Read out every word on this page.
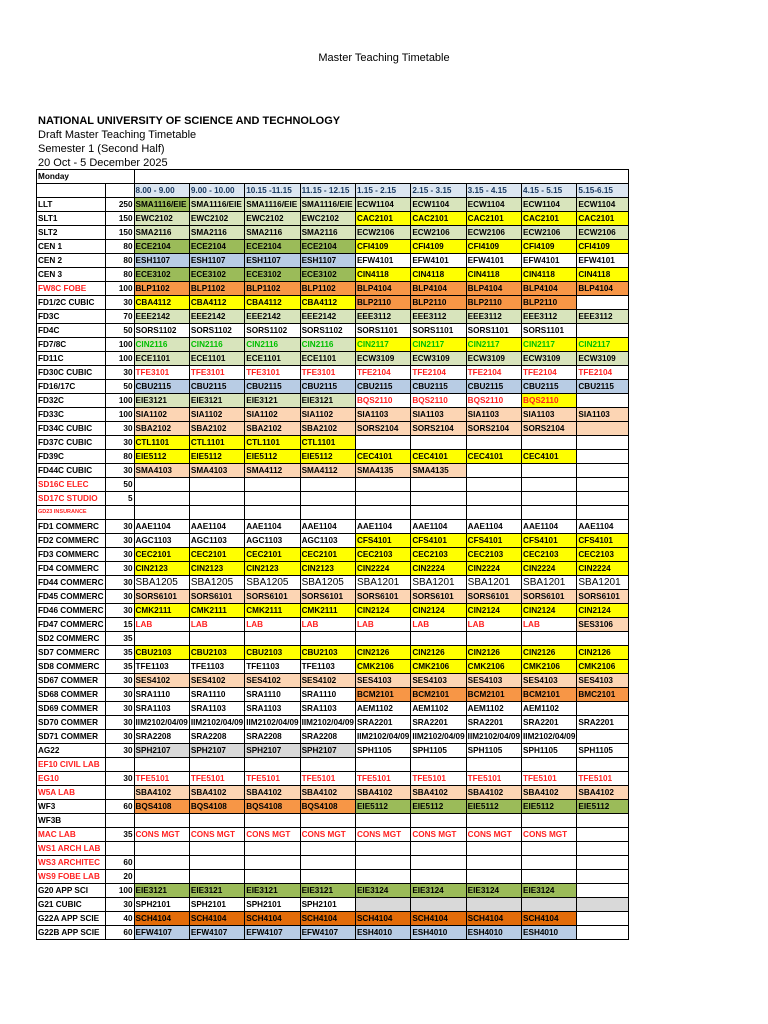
Master Teaching Timetable
NATIONAL UNIVERSITY OF SCIENCE AND TECHNOLOGY
Draft Master Teaching Timetable
Semester 1 (Second Half)
20 Oct - 5 December 2025
Monday										
		8.00 - 9.00	9.00 - 10.00	10.15 -11.15	11.15 - 12.15	1.15 - 2.15	2.15 - 3.15	3.15 - 4.15	4.15 - 5.15	5.15-6.15
LLT	250	SMA1116/EIE	SMA1116/EIE	SMA1116/EIE	SMA1116/EIE	ECW1104	ECW1104	ECW1104	ECW1104	ECW1104
SLT1	150	EWC2102	EWC2102	EWC2102	EWC2102	CAC2101	CAC2101	CAC2101	CAC2101	CAC2101
SLT2	150	SMA2116	SMA2116	SMA2116	SMA2116	ECW2106	ECW2106	ECW2106	ECW2106	ECW2106
CEN 1	80	ECE2104	ECE2104	ECE2104	ECE2104	CFI4109	CFI4109	CFI4109	CFI4109	CFI4109
CEN 2	80	ESH1107	ESH1107	ESH1107	ESH1107	EFW4101	EFW4101	EFW4101	EFW4101	EFW4101
CEN 3	80	ECE3102	ECE3102	ECE3102	ECE3102	CIN4118	CIN4118	CIN4118	CIN4118	CIN4118
FW8C FOBE	100	BLP1102	BLP1102	BLP1102	BLP1102	BLP4104	BLP4104	BLP4104	BLP4104	BLP4104
FD1/2C CUBIC	30	CBA4112	CBA4112	CBA4112	CBA4112	BLP2110	BLP2110	BLP2110	BLP2110	
FD3C	70	EEE2142	EEE2142	EEE2142	EEE2142	EEE3112	EEE3112	EEE3112	EEE3112	EEE3112
FD4C	50	SORS1102	SORS1102	SORS1102	SORS1102	SORS1101	SORS1101	SORS1101	SORS1101	
FD7/8C	100	CIN2116	CIN2116	CIN2116	CIN2116	CIN2117	CIN2117	CIN2117	CIN2117	CIN2117
FD11C	100	ECE1101	ECE1101	ECE1101	ECE1101	ECW3109	ECW3109	ECW3109	ECW3109	ECW3109
FD30C CUBIC	30	TFE3101	TFE3101	TFE3101	TFE3101	TFE2104	TFE2104	TFE2104	TFE2104	TFE2104
FD16/17C	50	CBU2115	CBU2115	CBU2115	CBU2115	CBU2115	CBU2115	CBU2115	CBU2115	CBU2115
FD32C	100	EIE3121	EIE3121	EIE3121	EIE3121	BQS2110	BQS2110	BQS2110	BQS2110	
FD33C	100	SIA1102	SIA1102	SIA1102	SIA1102	SIA1103	SIA1103	SIA1103	SIA1103	SIA1103
FD34C CUBIC	30	SBA2102	SBA2102	SBA2102	SBA2102	SORS2104	SORS2104	SORS2104	SORS2104	
FD37C CUBIC	30	CTL1101	CTL1101	CTL1101	CTL1101					
FD39C	80	EIE5112	EIE5112	EIE5112	EIE5112	CEC4101	CEC4101	CEC4101	CEC4101	
FD44C CUBIC	30	SMA4103	SMA4103	SMA4112	SMA4112	SMA4135	SMA4135			
SD16C ELEC	50									
SD17C STUDIO	5									
GD23 INSURANCE										
FD1 COMMERC	30	AAE1104	AAE1104	AAE1104	AAE1104	AAE1104	AAE1104	AAE1104	AAE1104	AAE1104
FD2 COMMERC	30	AGC1103	AGC1103	AGC1103	AGC1103	CFS4101	CFS4101	CFS4101	CFS4101	CFS4101
FD3 COMMERC	30	CEC2101	CEC2101	CEC2101	CEC2101	CEC2103	CEC2103	CEC2103	CEC2103	CEC2103
FD4 COMMERC	30	CIN2123	CIN2123	CIN2123	CIN2123	CIN2224	CIN2224	CIN2224	CIN2224	CIN2224
FD44 COMMERC	30	SBA1205	SBA1205	SBA1205	SBA1205	SBA1201	SBA1201	SBA1201	SBA1201	SBA1201
FD45 COMMERC	30	SORS6101	SORS6101	SORS6101	SORS6101	SORS6101	SORS6101	SORS6101	SORS6101	SORS6101
FD46 COMMERC	30	CMK2111	CMK2111	CMK2111	CMK2111	CIN2124	CIN2124	CIN2124	CIN2124	CIN2124
FD47 COMMERC	15	LAB	LAB	LAB	LAB	LAB	LAB	LAB	LAB	SES3106
SD2 COMMERC	35									
SD7 COMMERC	35	CBU2103	CBU2103	CBU2103	CBU2103	CIN2126	CIN2126	CIN2126	CIN2126	CIN2126
SD8 COMMERC	35	TFE1103	TFE1103	TFE1103	TFE1103	CMK2106	CMK2106	CMK2106	CMK2106	CMK2106
SD67 COMMER	30	SES4102	SES4102	SES4102	SES4102	SES4103	SES4103	SES4103	SES4103	SES4103
SD68 COMMER	30	SRA1110	SRA1110	SRA1110	SRA1110	BCM2101	BCM2101	BCM2101	BCM2101	BMC2101
SD69 COMMER	30	SRA1103	SRA1103	SRA1103	SRA1103	AEM1102	AEM1102	AEM1102	AEM1102	
SD70 COMMER	30	IIM2102/04/09	IIM2102/04/09	IIM2102/04/09	IIM2102/04/09	SRA2201	SRA2201	SRA2201	SRA2201	SRA2201
SD71 COMMER	30	SRA2208	SRA2208	SRA2208	SRA2208	IIM2102/04/09	IIM2102/04/09	IIM2102/04/09	IIM2102/04/09	
AG22	30	SPH2107	SPH2107	SPH2107	SPH2107	SPH1105	SPH1105	SPH1105	SPH1105	SPH1105
EF10 CIVIL LAB										
EG10	30	TFE5101	TFE5101	TFE5101	TFE5101	TFE5101	TFE5101	TFE5101	TFE5101	TFE5101
W5A LAB		SBA4102	SBA4102	SBA4102	SBA4102	SBA4102	SBA4102	SBA4102	SBA4102	SBA4102
WF3	60	BQS4108	BQS4108	BQS4108	BQS4108	EIE5112	EIE5112	EIE5112	EIE5112	EIE5112
WF3B										
MAC LAB	35	CONS MGT	CONS MGT	CONS MGT	CONS MGT	CONS MGT	CONS MGT	CONS MGT	CONS MGT	
WS1 ARCH LAB										
WS3 ARCHITEC	60									
WS9 FOBE LAB	20									
G20 APP SCI	100	EIE3121	EIE3121	EIE3121	EIE3121	EIE3124	EIE3124	EIE3124	EIE3124	
G21 CUBIC	30	SPH2101	SPH2101	SPH2101	SPH2101					
G22A APP SCIE	40	SCH4104	SCH4104	SCH4104	SCH4104	SCH4104	SCH4104	SCH4104	SCH4104	
G22B APP SCIE	60	EFW4107	EFW4107	EFW4107	EFW4107	ESH4010	ESH4010	ESH4010	ESH4010	
